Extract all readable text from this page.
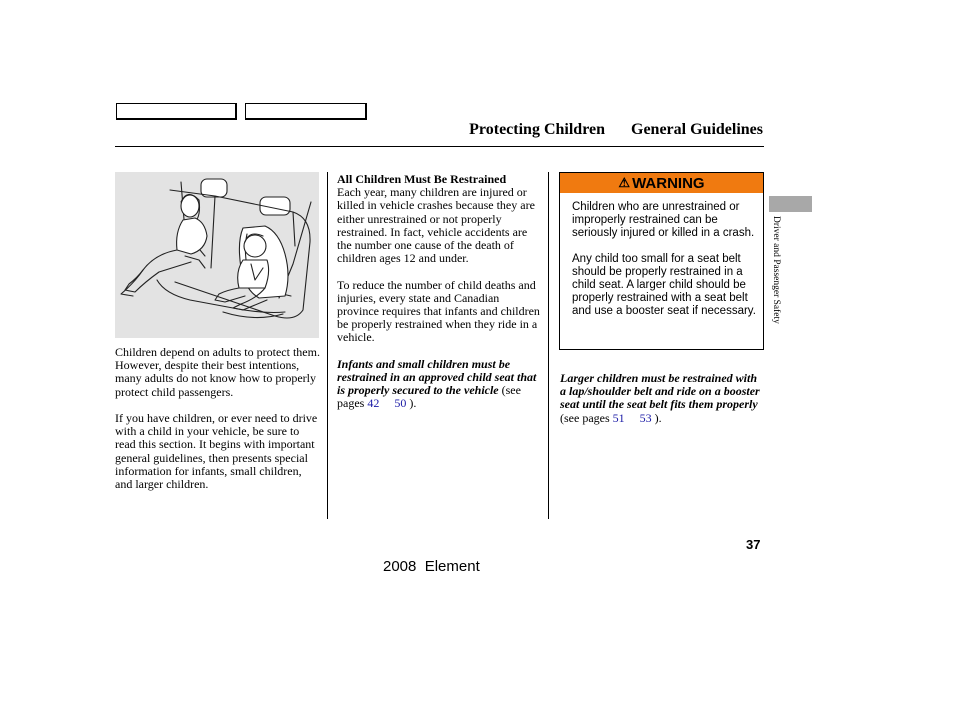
Protecting Children General Guidelines

Children depend on adults to protect them. However, despite their best intentions, many adults do not know how to properly protect child passengers.

If you have children, or ever need to drive with a child in your vehicle, be sure to read this section. It begins with important general guidelines, then presents special information for infants, small children, and larger children.

All Children Must Be Restrained

Each year, many children are injured or killed in vehicle crashes because they are either unrestrained or not properly restrained. In fact, vehicle accidents are the number one cause of the death of children ages 12 and under.

To reduce the number of child deaths and injuries, every state and Canadian province requires that infants and children be properly restrained when they ride in a vehicle.

Infants and small children must be restrained in an approved child seat that is properly secured to the vehicle (see pages 42 50 ).

⚠ WARNING

Children who are unrestrained or improperly restrained can be seriously injured or killed in a crash.

Any child too small for a seat belt should be properly restrained in a child seat. A larger child should be properly restrained with a seat belt and use a booster seat if necessary.

Larger children must be restrained with a lap/shoulder belt and ride on a booster seat until the seat belt fits them properly (see pages 51 53 ).

Driver and Passenger Safety
37
2008  Element
